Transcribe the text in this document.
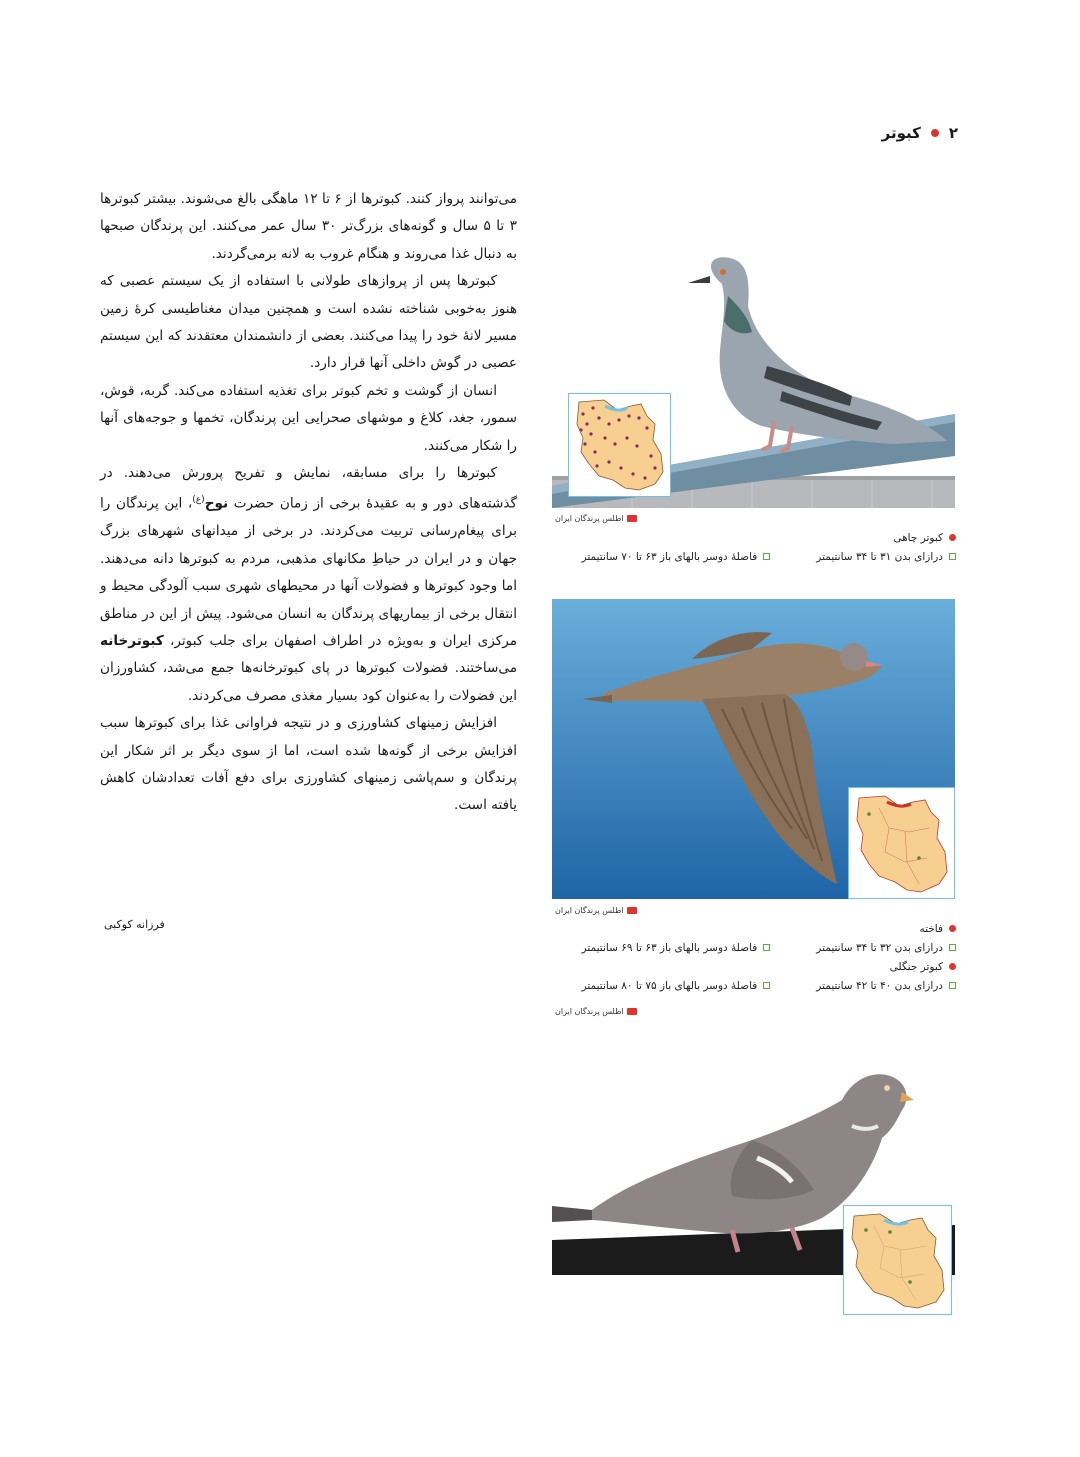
۲
کبوتر

می‌توانند پرواز کنند. کبوترها از ۶ تا ۱۲ ماهگی بالغ می‌شوند. بیشتر کبوترها ۳ تا ۵ سال و گونه‌های بزرگ‌تر ۳۰ سال عمر می‌کنند. این پرندگان صبحها به دنبال غذا می‌روند و هنگام غروب به لانه برمی‌گردند.

کبوترها پس از پروازهای طولانی با استفاده از یک سیستم عصبی که هنوز به‌خوبی شناخته نشده است و همچنین میدان مغناطیسی کرهٔ زمین مسیر لانهٔ خود را پیدا می‌کنند. بعضی از دانشمندان معتقدند که این سیستم عصبی در گوش داخلی آنها قرار دارد.

انسان از گوشت و تخم کبوتر برای تغذیه استفاده می‌کند. گربه، قوش، سمور، جغد، کلاغ و موشهای صحرایی این پرندگان، تخمها و جوجه‌های آنها را شکار می‌کنند.

کبوترها را برای مسابقه، نمایش و تفریح پرورش می‌دهند. در گذشته‌های دور و به عقیدهٔ برخی از زمان حضرت نوح$^{(ع)}$، این پرندگان را برای پیغام‌رسانی تربیت می‌کردند. در برخی از میدانهای شهرهای بزرگ جهان و در ایران در حیاطِ مکانهای مذهبی، مردم به کبوترها دانه می‌دهند. اما وجود کبوترها و فضولات آنها در محیطهای شهری سبب آلودگی محیط و انتقال برخی از بیماریهای پرندگان به انسان می‌شود. پیش از این در مناطق مرکزی ایران و به‌ویژه در اطراف اصفهان برای جلب کبوتر، کبوترخانه می‌ساختند. فضولات کبوترها در پای کبوترخانه‌ها جمع می‌شد، کشاورزان این فضولات را به‌عنوان کود بسیار مغذی مصرف می‌کردند.

افزایش زمینهای کشاورزی و در نتیجه فراوانی غذا برای کبوترها سبب افزایش برخی از گونه‌ها شده است، اما از سوی دیگر بر اثر شکار این پرندگان و سم‌پاشی زمینهای کشاورزی برای دفع آفات تعدادشان کاهش یافته است.

فرزانه کوکبی
اطلس پرندگان ایران
کبوتر چاهی
درازای بدن ۳۱ تا ۳۴ سانتیمتر
فاصلهٔ دوسر بالهای باز ۶۳ تا ۷۰ سانتیمتر
اطلس پرندگان ایران
فاخته
درازای بدن ۳۲ تا ۳۴ سانتیمتر
فاصلهٔ دوسر بالهای باز ۶۳ تا ۶۹ سانتیمتر
کبوتر جنگلی
درازای بدن ۴۰ تا ۴۲ سانتیمتر
فاصلهٔ دوسر بالهای باز ۷۵ تا ۸۰ سانتیمتر
اطلس پرندگان ایران
